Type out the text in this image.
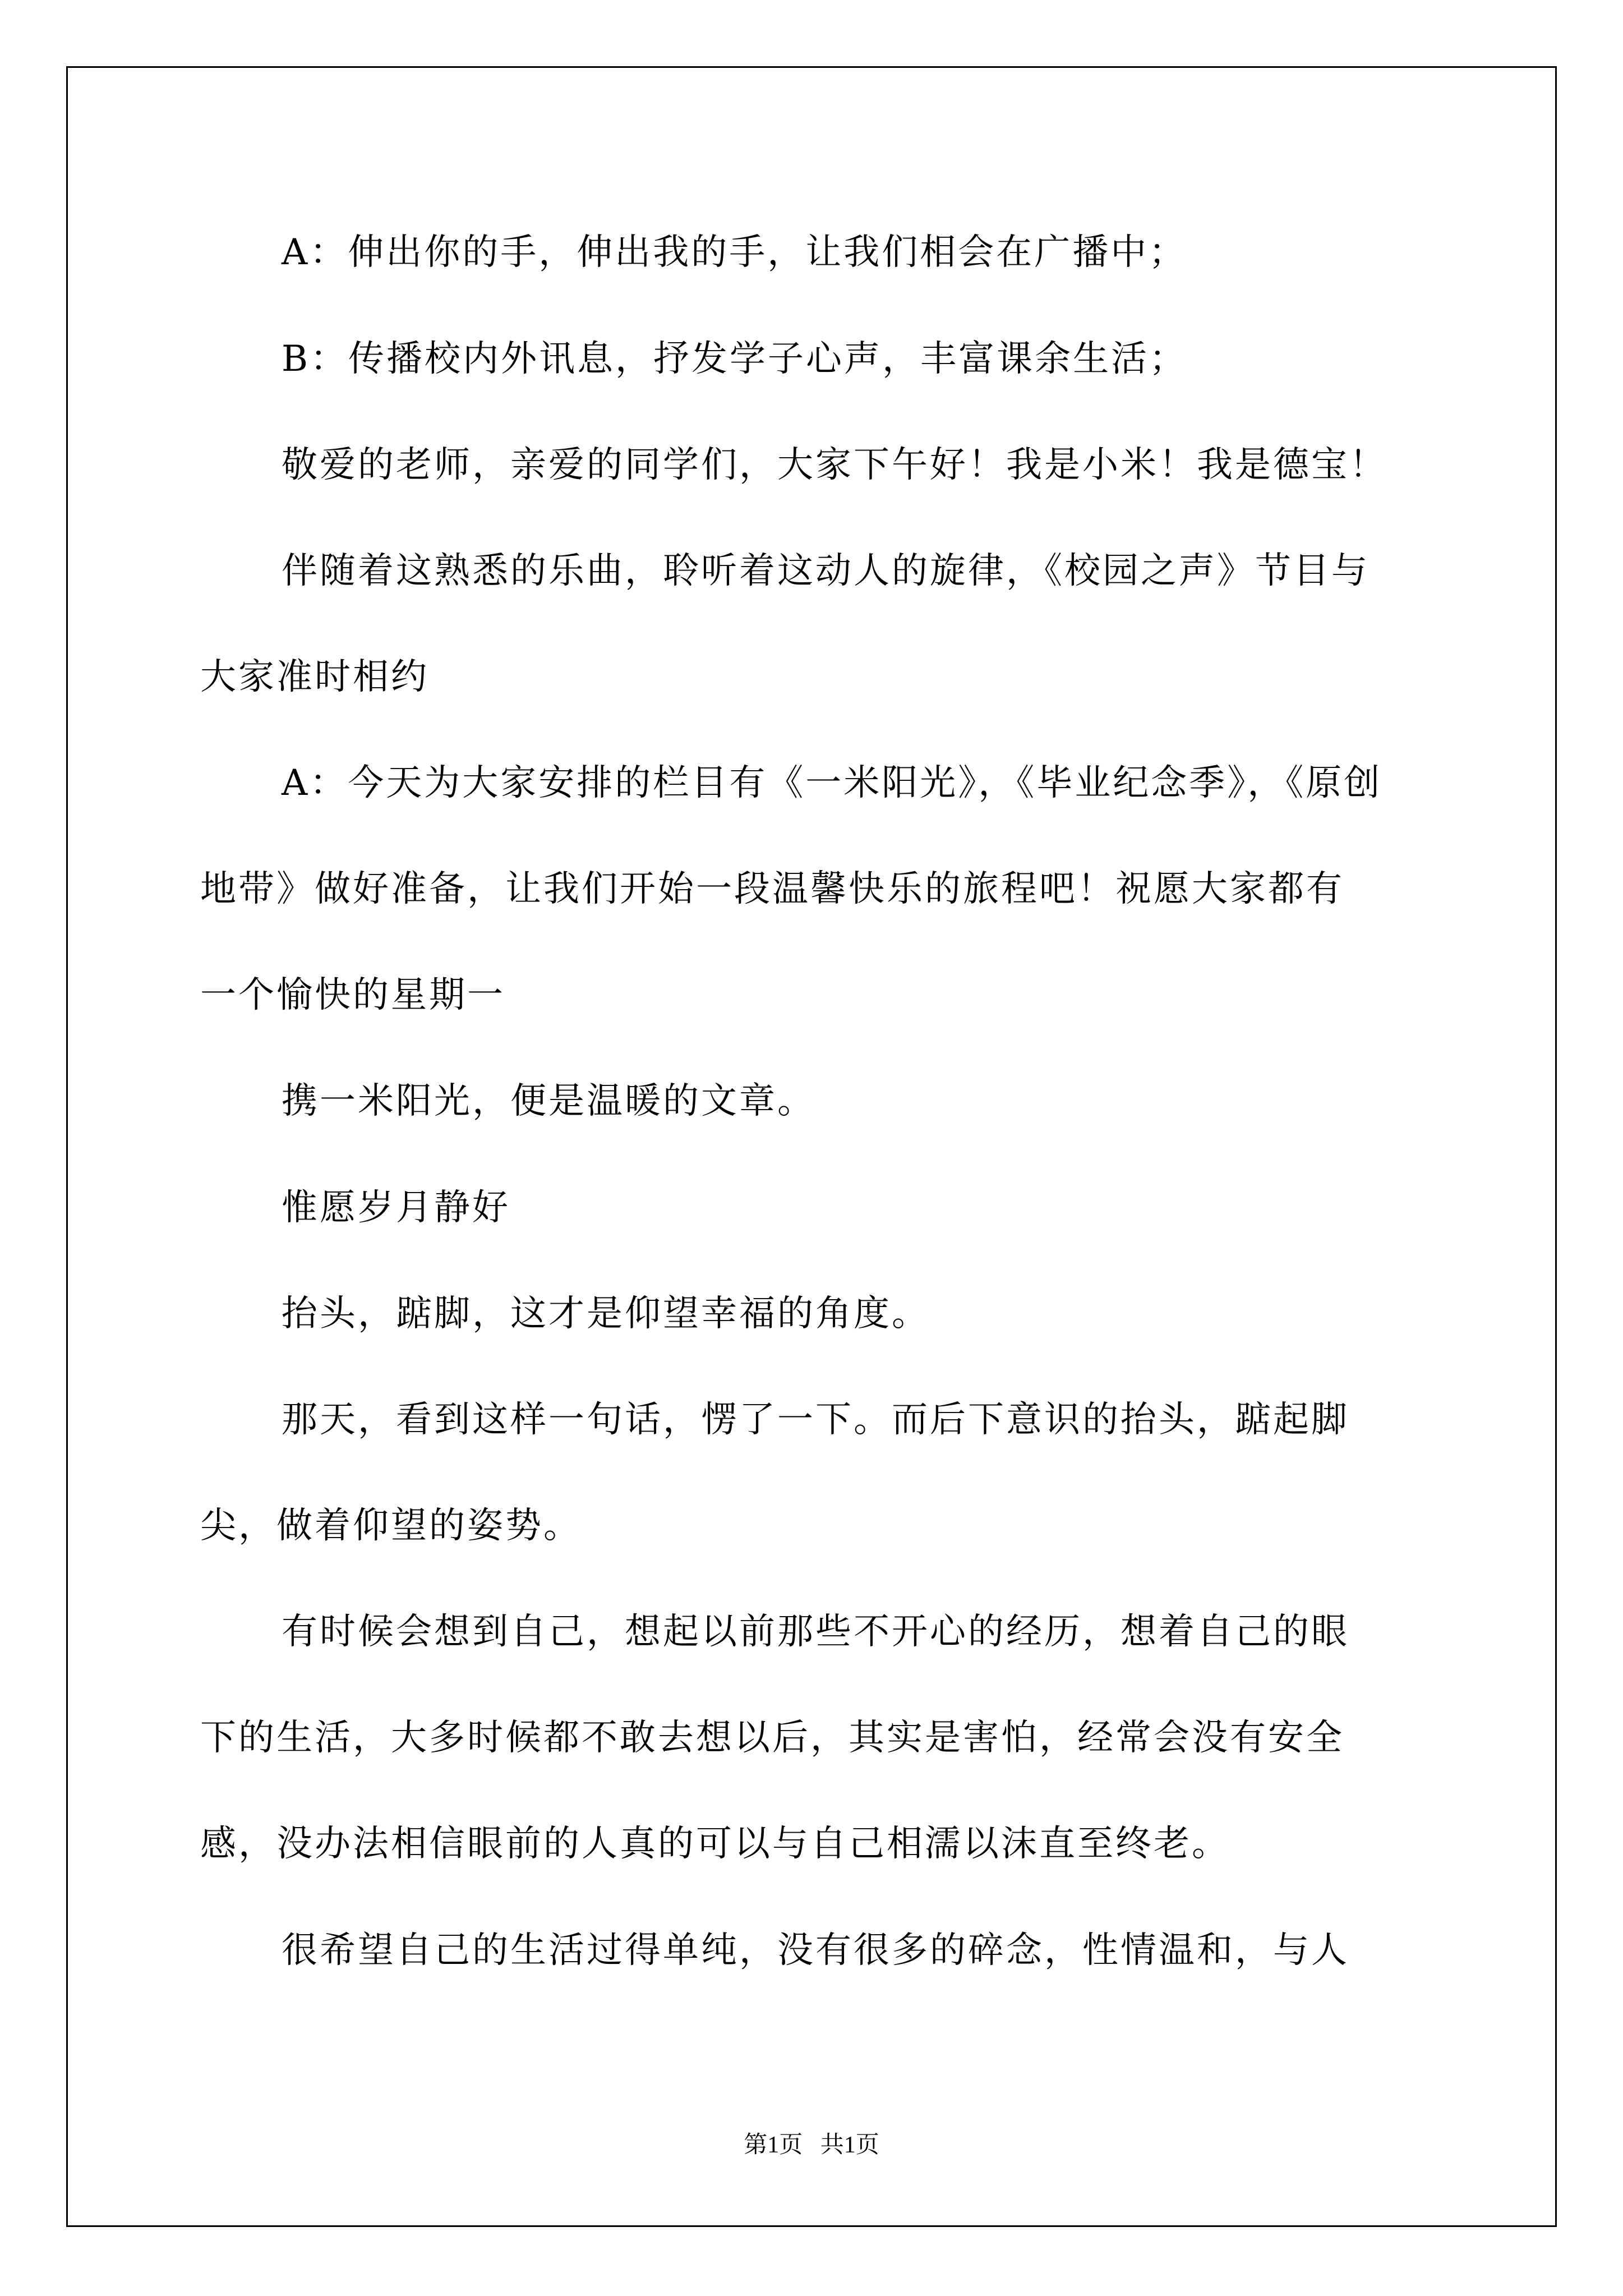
A：伸出你的手，伸出我的手，让我们相会在广播中；
B：传播校内外讯息，抒发学子心声，丰富课余生活；
敬爱的老师，亲爱的同学们，大家下午好！我是小米！我是德宝！
伴随着这熟悉的乐曲，聆听着这动人的旋律，《校园之声》节目与
大家准时相约
A：今天为大家安排的栏目有《一米阳光》，《毕业纪念季》，《原创
地带》做好准备，让我们开始一段温馨快乐的旅程吧！祝愿大家都有
一个愉快的星期一
携一米阳光，便是温暖的文章。
惟愿岁月静好
抬头，踮脚，这才是仰望幸福的角度。
那天，看到这样一句话，愣了一下。而后下意识的抬头，踮起脚
尖，做着仰望的姿势。
有时候会想到自己，想起以前那些不开心的经历，想着自己的眼
下的生活，大多时候都不敢去想以后，其实是害怕，经常会没有安全
感，没办法相信眼前的人真的可以与自己相濡以沫直至终老。
很希望自己的生活过得单纯，没有很多的碎念，性情温和，与人
第1页   共1页
